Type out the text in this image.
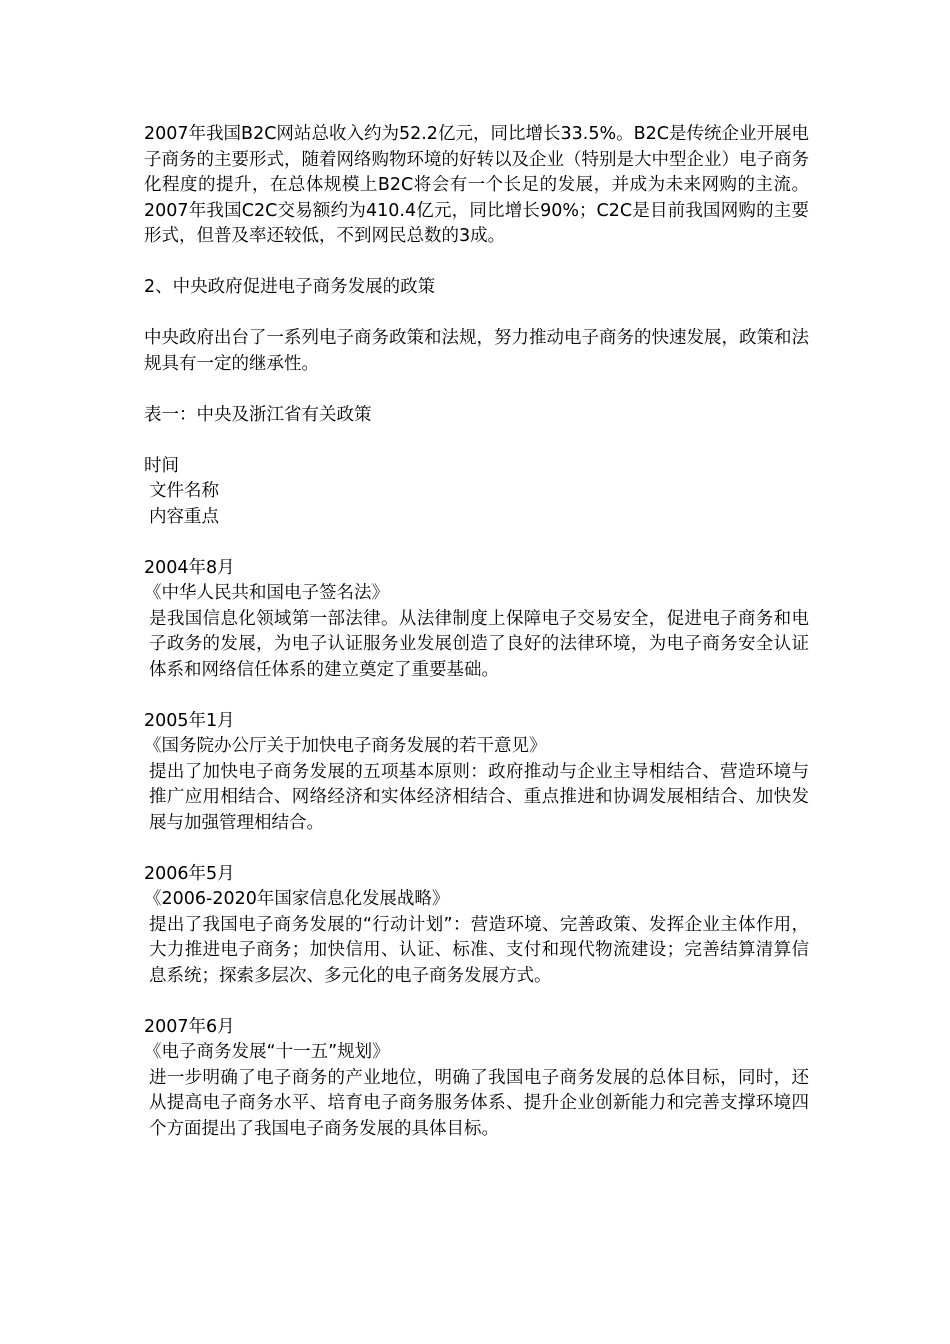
2007年我国B2C网站总收入约为52.2亿元，同比增长33.5%。B2C是传统企业开展电子商务的主要形式，随着网络购物环境的好转以及企业（特别是大中型企业）电子商务化程度的提升，在总体规模上B2C将会有一个长足的发展，并成为未来网购的主流。2007年我国C2C交易额约为410.4亿元，同比增长90%；C2C是目前我国网购的主要形式，但普及率还较低，不到网民总数的3成。

2、中央政府促进电子商务发展的政策

中央政府出台了一系列电子商务政策和法规，努力推动电子商务的快速发展，政策和法规具有一定的继承性。

表一：中央及浙江省有关政策

时间
文件名称
内容重点
2004年8月
《中华人民共和国电子签名法》

是我国信息化领域第一部法律。从法律制度上保障电子交易安全，促进电子商务和电子政务的发展，为电子认证服务业发展创造了良好的法律环境，为电子商务安全认证体系和网络信任体系的建立奠定了重要基础。

2005年1月
《国务院办公厅关于加快电子商务发展的若干意见》

提出了加快电子商务发展的五项基本原则：政府推动与企业主导相结合、营造环境与推广应用相结合、网络经济和实体经济相结合、重点推进和协调发展相结合、加快发展与加强管理相结合。

2006年5月
《2006-2020年国家信息化发展战略》

提出了我国电子商务发展的“行动计划”：营造环境、完善政策、发挥企业主体作用，大力推进电子商务；加快信用、认证、标准、支付和现代物流建设；完善结算清算信息系统；探索多层次、多元化的电子商务发展方式。

2007年6月
《电子商务发展“十一五”规划》

进一步明确了电子商务的产业地位，明确了我国电子商务发展的总体目标，同时，还从提高电子商务水平、培育电子商务服务体系、提升企业创新能力和完善支撑环境四个方面提出了我国电子商务发展的具体目标。
